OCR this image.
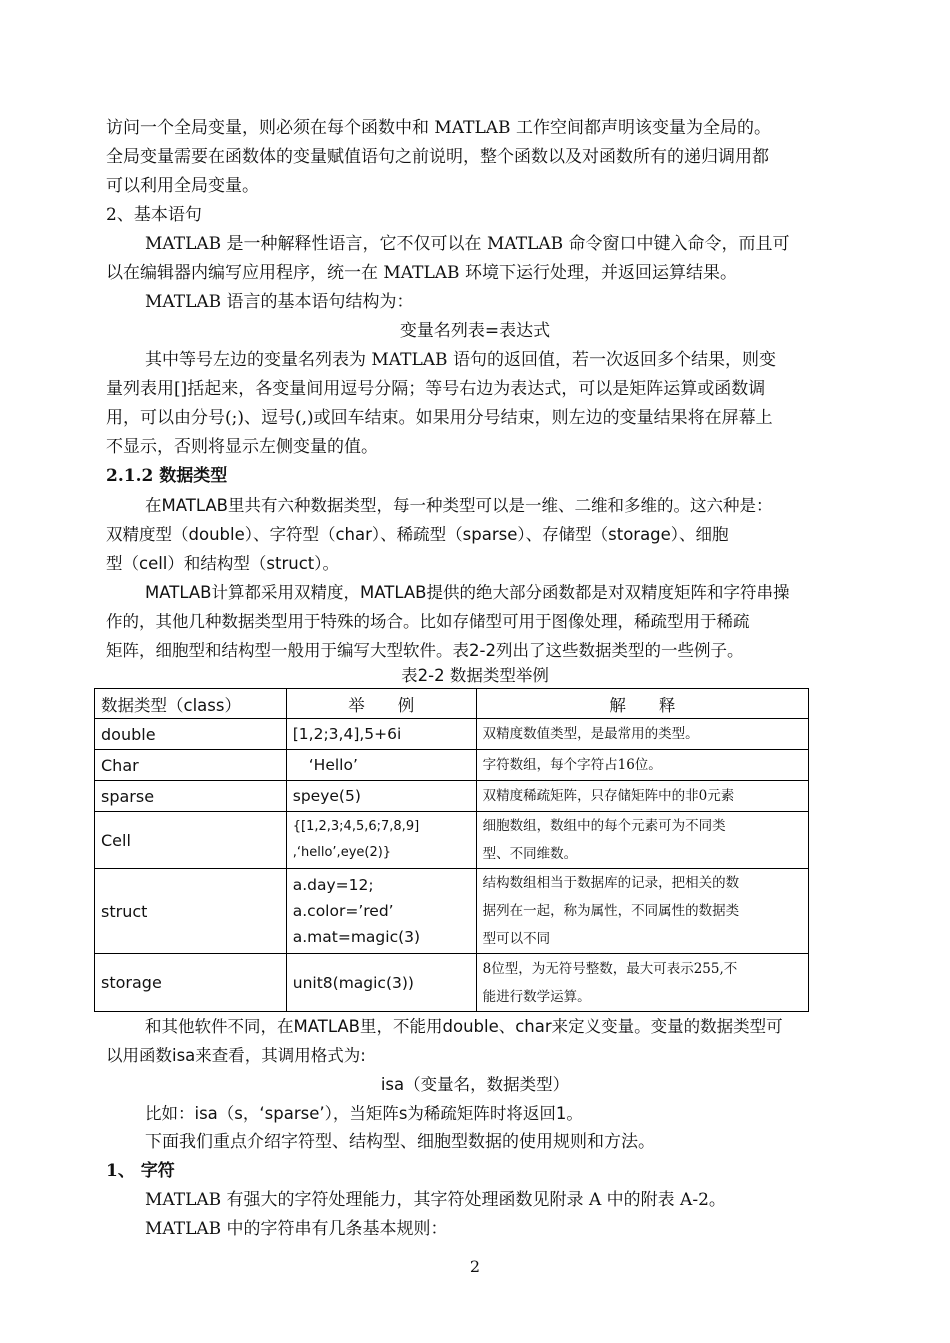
访问一个全局变量，则必须在每个函数中和 MATLAB 工作空间都声明该变量为全局的。
全局变量需要在函数体的变量赋值语句之前说明，整个函数以及对函数所有的递归调用都
可以利用全局变量。
2、基本语句
MATLAB 是一种解释性语言，它不仅可以在 MATLAB 命令窗口中键入命令，而且可
以在编辑器内编写应用程序，统一在 MATLAB 环境下运行处理，并返回运算结果。
MATLAB 语言的基本语句结构为：
变量名列表=表达式
其中等号左边的变量名列表为 MATLAB 语句的返回值，若一次返回多个结果，则变
量列表用[]括起来，各变量间用逗号分隔；等号右边为表达式，可以是矩阵运算或函数调
用，可以由分号(;)、逗号(,)或回车结束。如果用分号结束，则左边的变量结果将在屏幕上
不显示，否则将显示左侧变量的值。
2.1.2 数据类型
在MATLAB里共有六种数据类型，每一种类型可以是一维、二维和多维的。这六种是：
双精度型（double）、字符型（char）、稀疏型（sparse）、存储型（storage）、细胞
型（cell）和结构型（struct）。
MATLAB计算都采用双精度，MATLAB提供的绝大部分函数都是对双精度矩阵和字符串操
作的，其他几种数据类型用于特殊的场合。比如存储型可用于图像处理，稀疏型用于稀疏
矩阵，细胞型和结构型一般用于编写大型软件。表2-2列出了这些数据类型的一些例子。
表2-2 数据类型举例
数据类型（class）	举　　例	解　　释
double	[1,2;3,4],5+6i	双精度数值类型，是最常用的类型。

Char	‘Hello’	字符数组，每个字符占16位。

sparse	speye(5)	双精度稀疏矩阵，只存储矩阵中的非0元素

Cell	{[1,2,3;4,5,6;7,8,9]
,‘hello’,eye(2)}	细胞数组，数组中的每个元素可为不同类
型、不同维数。

struct	a.day=12;
a.color=’red’
a.mat=magic(3)	结构数组相当于数据库的记录，把相关的数
据列在一起，称为属性，不同属性的数据类
型可以不同

storage	unit8(magic(3))	8位型，为无符号整数，最大可表示255,不
能进行数学运算。
和其他软件不同，在MATLAB里，不能用double、char来定义变量。变量的数据类型可
以用函数isa来查看，其调用格式为:
isa（变量名，数据类型）
比如：isa（s，‘sparse’），当矩阵s为稀疏矩阵时将返回1。
下面我们重点介绍字符型、结构型、细胞型数据的使用规则和方法。
1、 字符
MATLAB 有强大的字符处理能力，其字符处理函数见附录 A 中的附表 A-2。
MATLAB 中的字符串有几条基本规则：
2
